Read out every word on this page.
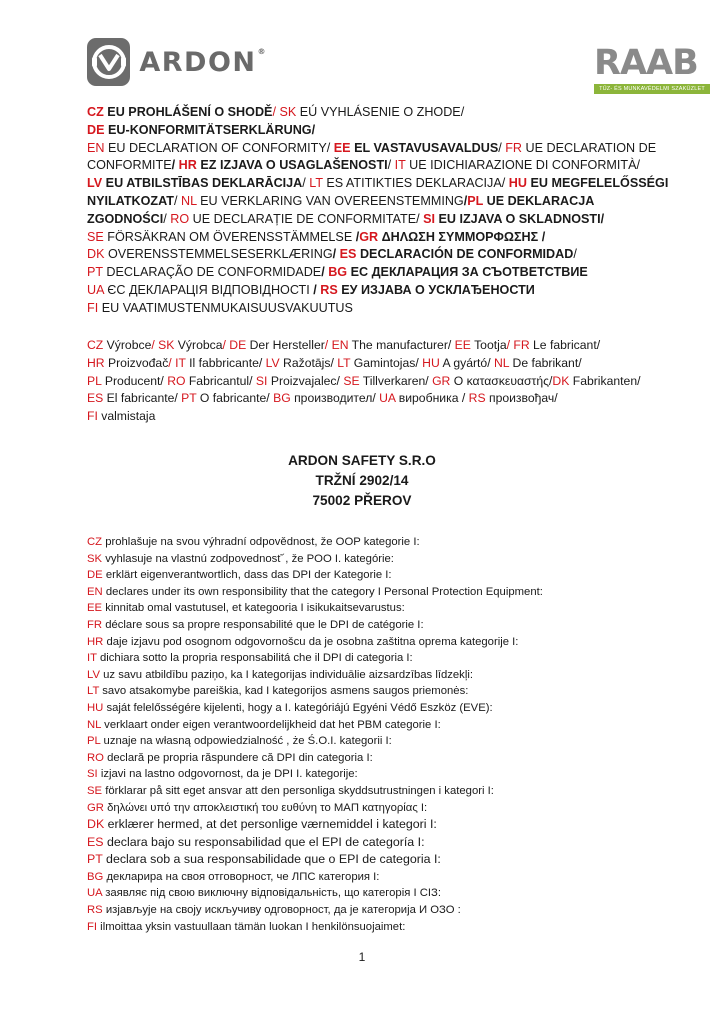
ARDON®	RAAB
TŰZ- ÉS MUNKAVÉDELMI SZAKÜZLET
CZ EU PROHLÁŠENÍ O SHODĚ/ SK EÚ VYHLÁSENIE O ZHODE/
DE EU-KONFORMITÄTSERKLÄRUNG/
EN EU DECLARATION OF CONFORMITY/ EE EL VASTAVUSAVALDUS/ FR UE DECLARATION DE
CONFORMITE/ HR EZ IZJAVA O USAGLAŠENOSTI/ IT UE IDICHIARAZIONE DI CONFORMITÀ/
LV EU ATBILSTĪBAS DEKLARĀCIJA/ LT ES ATITIKTIES DEKLARACIJA/ HU EU MEGFELELŐSSÉGI
NYILATKOZAT/ NL EU VERKLARING VAN OVEREENSTEMMING/PL UE DEKLARACJA
ZGODNOŚCI/ RO UE DECLARAȚIE DE CONFORMITATE/ SI EU IZJAVA O SKLADNOSTI/
SE FÖRSÄKRAN OM ÖVERENSSTÄMMELSE /GR ΔΗΛΩΣΗ ΣΥΜΜΟΡΦΩΣΗΣ /
DK OVERENSSTEMMELSESERKLÆRING/ ES DECLARACIÓN DE CONFORMIDAD/
PT DECLARAÇÃO DE CONFORMIDADE/ BG ЕС ДЕКЛАРАЦИЯ ЗА СЪОТВЕТСТВИЕ
UA ЄС ДЕКЛАРАЦІЯ ВІДПОВІДНОСТІ / RS ЕУ ИЗЈАВА О УСКЛАЂЕНОСТИ
FI EU VAATIMUSTENMUKAISUUSVAKUUTUS
CZ Výrobce/ SK Výrobca/ DE Der Hersteller/ EN The manufacturer/ EE Tootja/ FR Le fabricant/
HR Proizvođač/ IT Il fabbricante/ LV Ražotājs/ LT Gamintojas/ HU A gyártó/ NL De fabrikant/
PL Producent/ RO Fabricantul/ SI Proizvajalec/ SE Tillverkaren/ GR Ο κατασκευαστής/DK Fabrikanten/
ES El fabricante/ PT O fabricante/ BG производител/ UA виробника / RS произвођач/
FI valmistaja
ARDON SAFETY S.R.O
TRŽNÍ 2902/14
75002 PŘEROV
CZ prohlašuje na svou výhradní odpovědnost, že OOP kategorie I:
SK vyhlasuje na vlastnú zodpovednosť´, že POO I. kategórie:
DE erklärt eigenverantwortlich, dass das DPI der Kategorie I:
EN declares under its own responsibility that the category I Personal Protection Equipment:
EE kinnitab omal vastutusel, et kategooria I isikukaitsevarustus:
FR déclare sous sa propre responsabilité que le DPI de catégorie I:
HR daje izjavu pod osognom odgovornošcu da je osobna zaštitna oprema kategorije I:
IT dichiara sotto la propria responsabilitá che il DPI di categoria I:
LV uz savu atbildību paziņo, ka I kategorijas individuālie aizsardzības līdzekļi:
LT savo atsakomybe pareiškia, kad I kategorijos asmens saugos priemonės:
HU saját felelősségére kijelenti, hogy a I. kategóriájú Egyéni Védő Eszköz (EVE):
NL verklaart onder eigen verantwoordelijkheid dat het PBM categorie I:
PL uznaje na własną odpowiedzialność , że Ś.O.I. kategorii I:
RO declară pe propria răspundere că DPI din categoria I:
SI izjavi na lastno odgovornost, da je DPI I. kategorije:
SE förklarar på sitt eget ansvar att den personliga skyddsutrustningen i kategori I:
GR δηλώνει υπό την αποκλειστική του ευθύνη το ΜΑΠ κατηγορίας I:
DK erklærer hermed, at det personlige værnemiddel i kategori I:
ES declara bajo su responsabilidad que el EPI de categoría I:
PT declara sob a sua responsabilidade que o EPI de categoria I:
BG декларира на своя отговорност, че ЛПС категория I:
UA заявляє під свою виключну відповідальність, що категорія I СІЗ:
RS изјављује на своју искључиву одговорност, да је категорија И ОЗО :
FI ilmoittaa yksin vastuullaan tämän luokan I henkilönsuojaimet:
1
